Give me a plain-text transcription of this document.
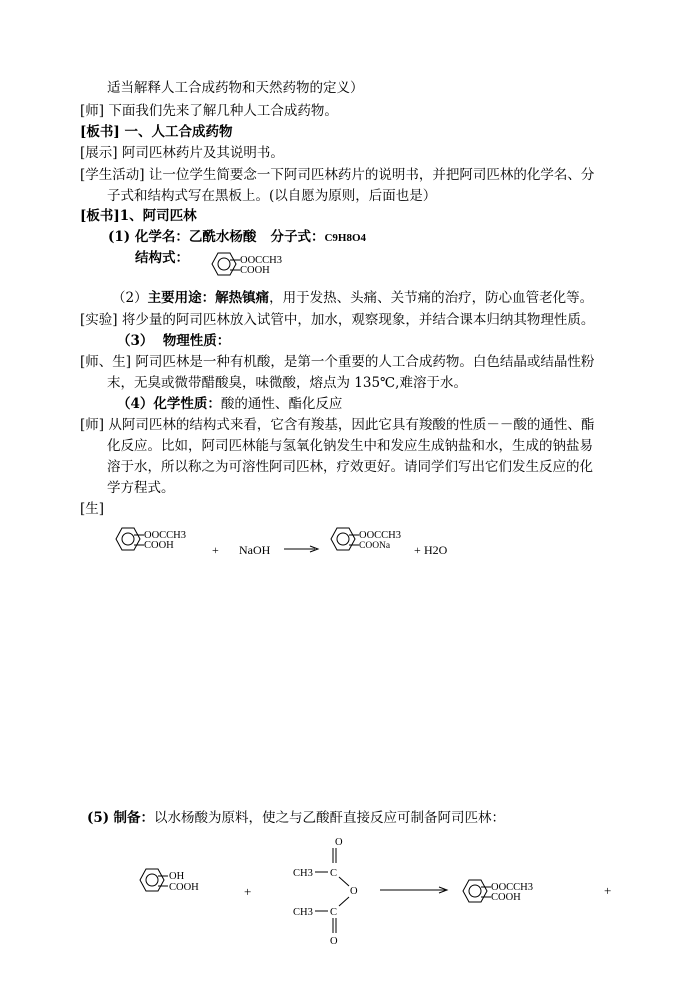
适当解释人工合成药物和天然药物的定义）
[师] 下面我们先来了解几种人工合成药物。
[板书] 一、人工合成药物
[展示] 阿司匹林药片及其说明书。
[学生活动] 让一位学生简要念一下阿司匹林药片的说明书，并把阿司匹林的化学名、分
子式和结构式写在黑板上。(以自愿为原则，后面也是）
[板书]1、阿司匹林
(1) 化学名：乙酰水杨酸 分子式：C9H8O4
结构式：	OOCCH3
COOH
（2）主要用途：解热镇痛，用于发热、头痛、关节痛的治疗，防心血管老化等。
[实验] 将少量的阿司匹林放入试管中，加水，观察现象，并结合课本归纳其物理性质。
（3） 物理性质：
[师、生] 阿司匹林是一种有机酸，是第一个重要的人工合成药物。白色结晶或结晶性粉
末，无臭或微带醋酸臭，味微酸，熔点为 135℃,难溶于水。
（4）化学性质：酸的通性、酯化反应
[师] 从阿司匹林的结构式来看，它含有羧基，因此它具有羧酸的性质－－酸的通性、酯
化反应。比如，阿司匹林能与氢氧化钠发生中和发应生成钠盐和水，生成的钠盐易
溶于水，所以称之为可溶性阿司匹林，疗效更好。请同学们写出它们发生反应的化
学方程式。
[生]
OOCCH3
COOH	+ NaOH
OOCCH3
COONa + H2O
(5) 制备：以水杨酸为原料，使之与乙酸酐直接反应可制备阿司匹林：
OH
COOH	+
O
CH3 C
O
CH3 C
O
OOCCH3
COOH	+
